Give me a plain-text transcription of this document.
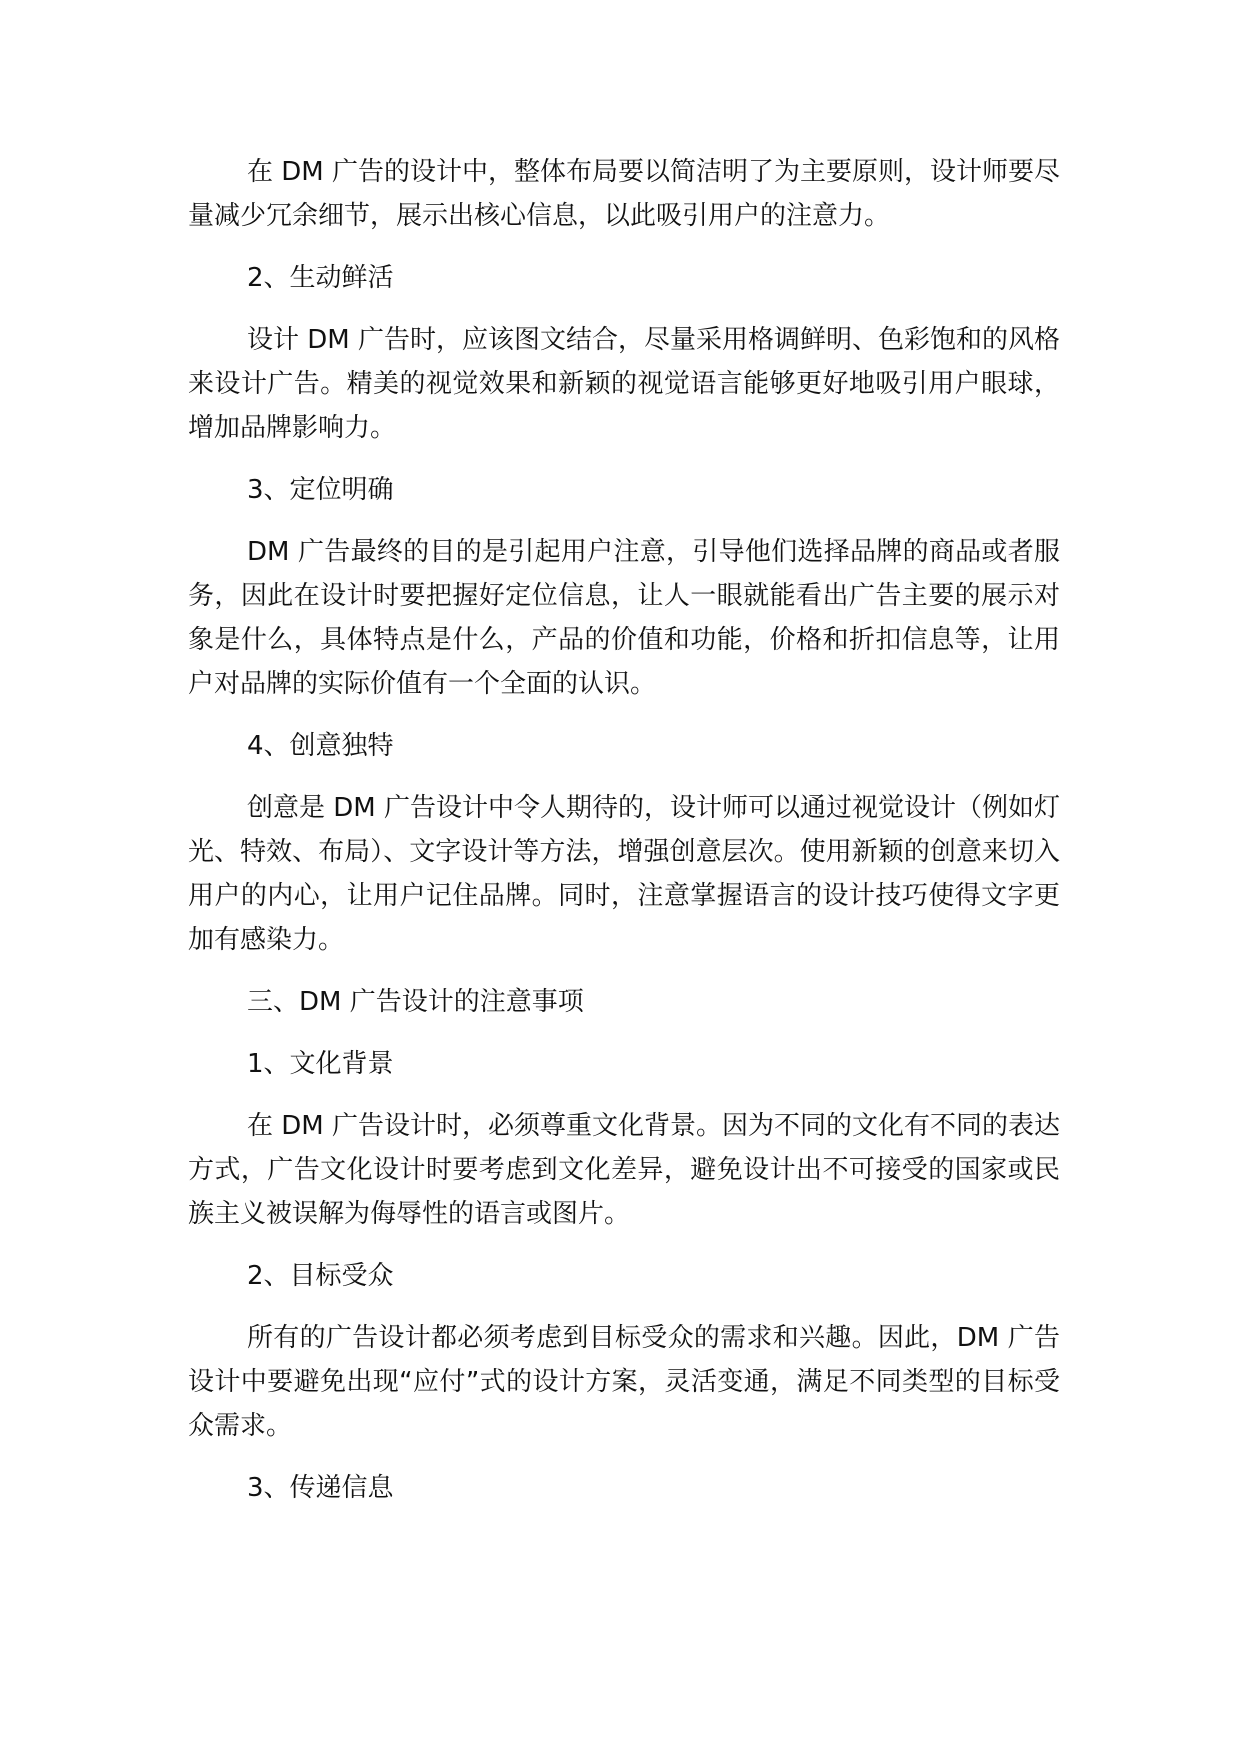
在 DM 广告的设计中，整体布局要以简洁明了为主要原则，设计师要尽量减少冗余细节，展示出核心信息，以此吸引用户的注意力。

2、生动鲜活

设计 DM 广告时，应该图文结合，尽量采用格调鲜明、色彩饱和的风格来设计广告。精美的视觉效果和新颖的视觉语言能够更好地吸引用户眼球，增加品牌影响力。

3、定位明确

DM 广告最终的目的是引起用户注意，引导他们选择品牌的商品或者服务，因此在设计时要把握好定位信息，让人一眼就能看出广告主要的展示对象是什么，具体特点是什么，产品的价值和功能，价格和折扣信息等，让用户对品牌的实际价值有一个全面的认识。

4、创意独特

创意是 DM 广告设计中令人期待的，设计师可以通过视觉设计（例如灯光、特效、布局）、文字设计等方法，增强创意层次。使用新颖的创意来切入用户的内心，让用户记住品牌。同时，注意掌握语言的设计技巧使得文字更加有感染力。

三、DM 广告设计的注意事项

1、文化背景

在 DM 广告设计时，必须尊重文化背景。因为不同的文化有不同的表达方式，广告文化设计时要考虑到文化差异，避免设计出不可接受的国家或民族主义被误解为侮辱性的语言或图片。

2、目标受众

所有的广告设计都必须考虑到目标受众的需求和兴趣。因此，DM 广告设计中要避免出现“应付”式的设计方案，灵活变通，满足不同类型的目标受众需求。

3、传递信息
